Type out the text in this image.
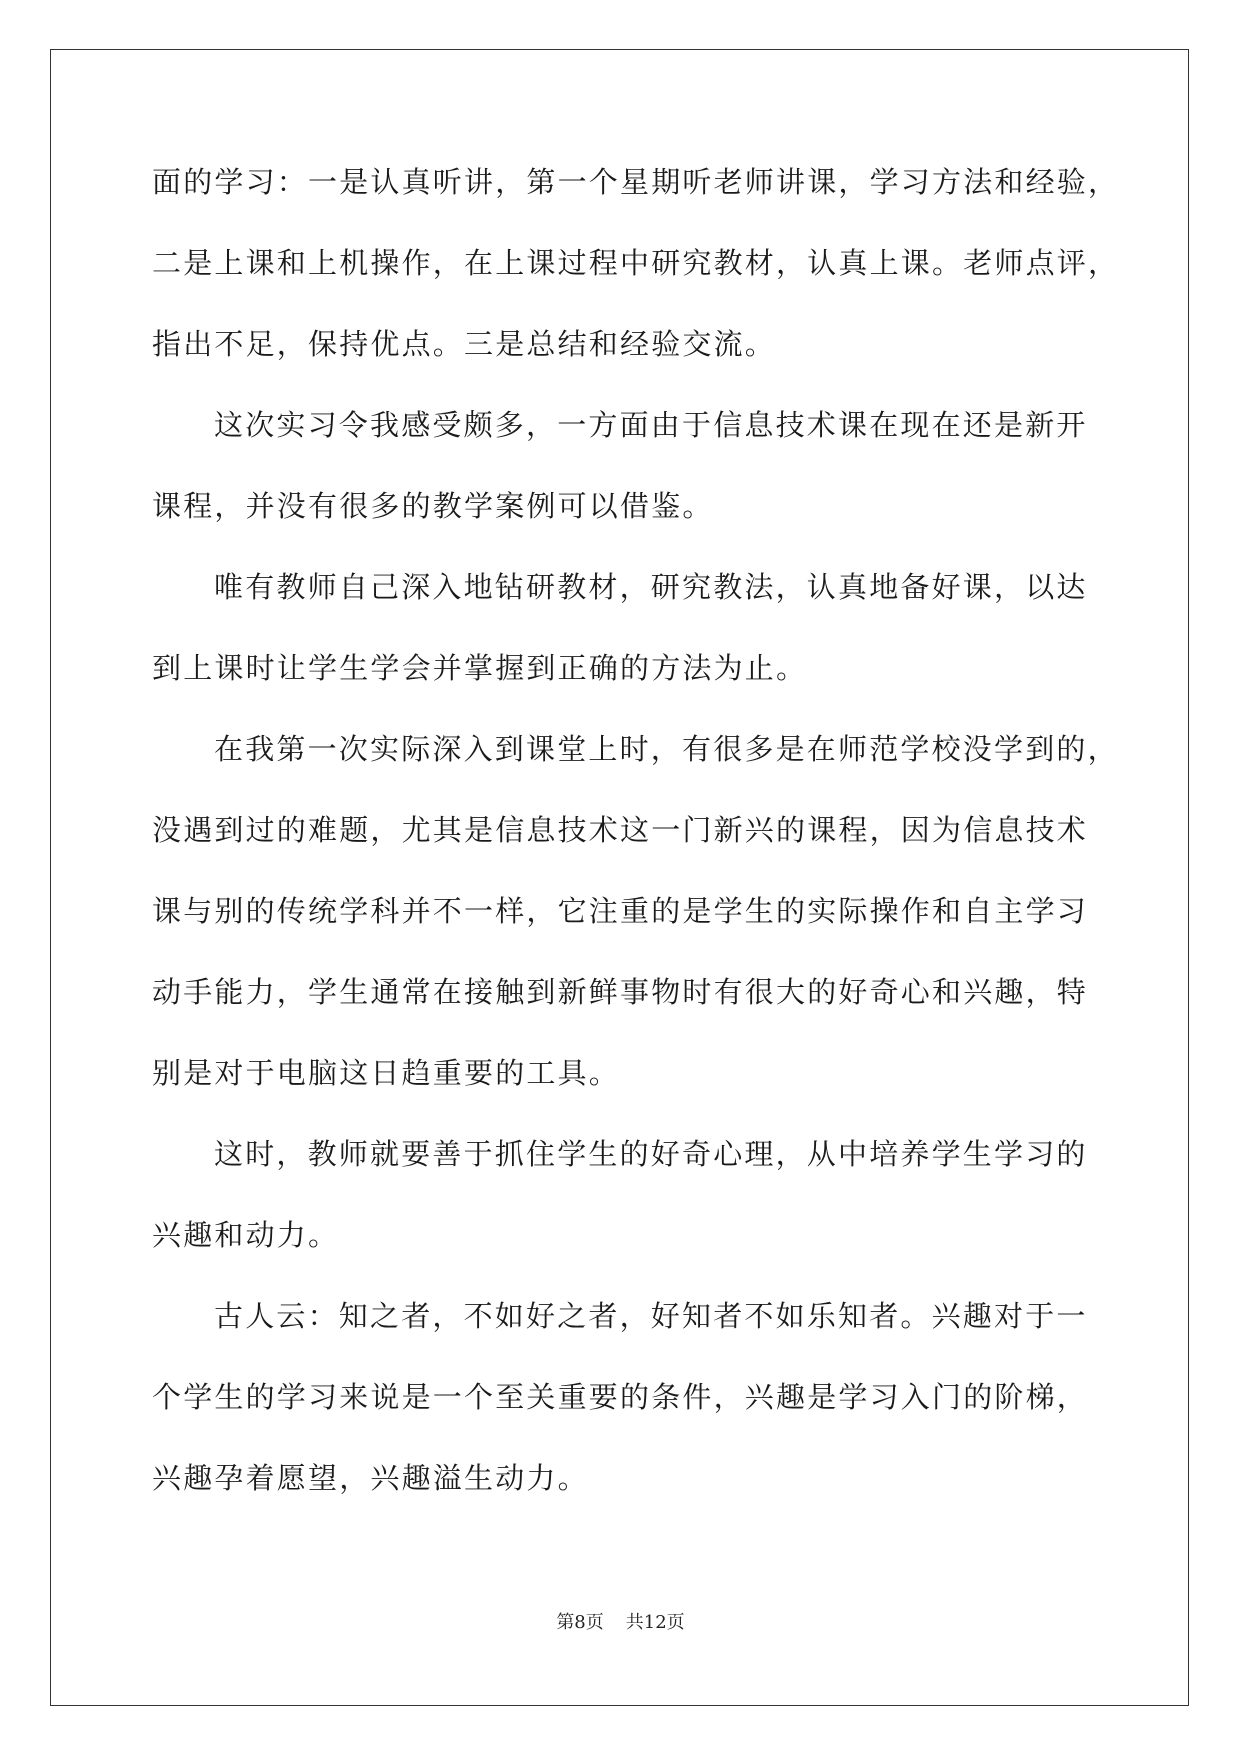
面的学习：一是认真听讲，第一个星期听老师讲课，学习方法和经验，
二是上课和上机操作，在上课过程中研究教材，认真上课。老师点评，
指出不足，保持优点。三是总结和经验交流。
这次实习令我感受颇多，一方面由于信息技术课在现在还是新开
课程，并没有很多的教学案例可以借鉴。
唯有教师自己深入地钻研教材，研究教法，认真地备好课，以达
到上课时让学生学会并掌握到正确的方法为止。
在我第一次实际深入到课堂上时，有很多是在师范学校没学到的，
没遇到过的难题，尤其是信息技术这一门新兴的课程，因为信息技术
课与别的传统学科并不一样，它注重的是学生的实际操作和自主学习
动手能力，学生通常在接触到新鲜事物时有很大的好奇心和兴趣，特
别是对于电脑这日趋重要的工具。
这时，教师就要善于抓住学生的好奇心理，从中培养学生学习的
兴趣和动力。
古人云：知之者，不如好之者，好知者不如乐知者。兴趣对于一
个学生的学习来说是一个至关重要的条件，兴趣是学习入门的阶梯，
兴趣孕着愿望，兴趣溢生动力。
第8页 共12页
